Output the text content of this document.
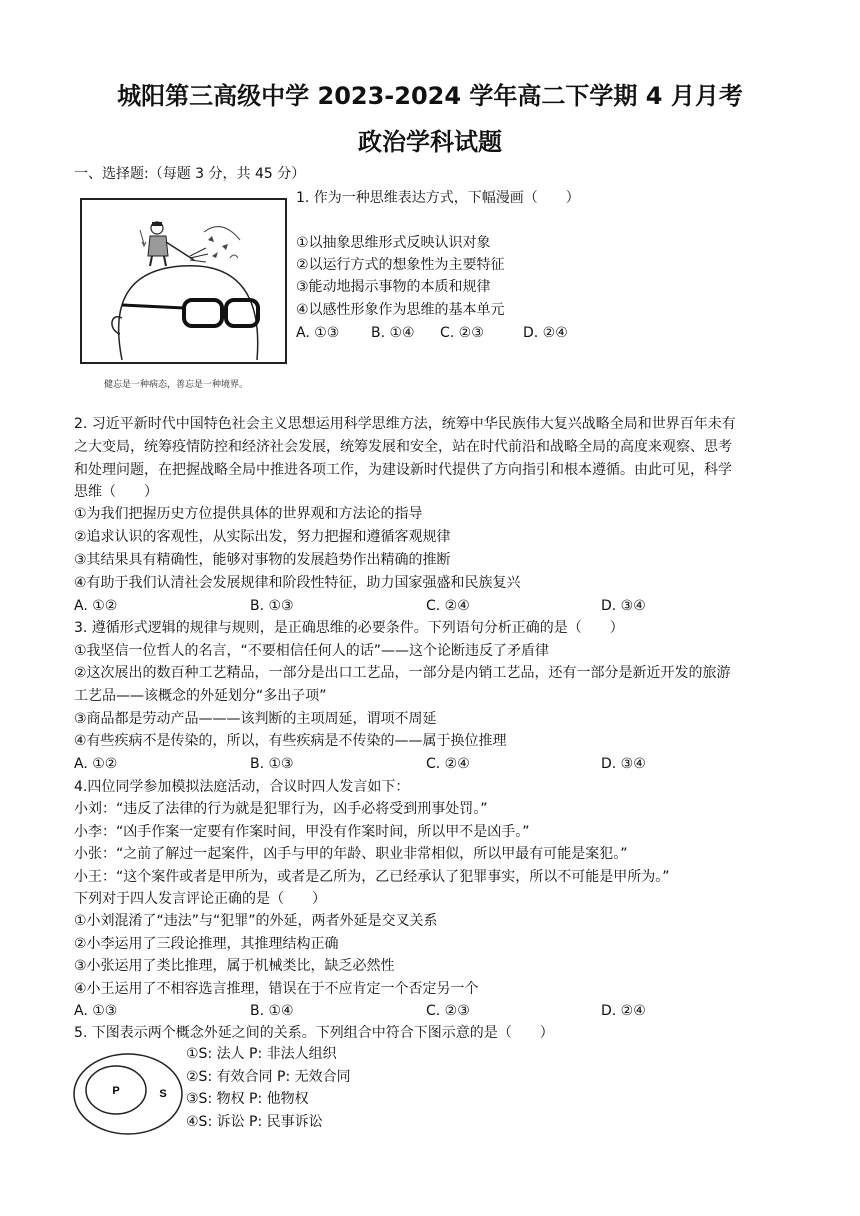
城阳第三高级中学 2023-2024 学年高二下学期 4 月月考
政治学科试题
一、选择题:（每题 3 分，共 45 分）
健忘是一种病态，善忘是一种境界。
1. 作为一种思维表达方式，下幅漫画（　　）
①以抽象思维形式反映认识对象
②以运行方式的想象性为主要特征
③能动地揭示事物的本质和规律
④以感性形象作为思维的基本单元
A. ①③ B. ①④ C. ②③	D. ②④
2. 习近平新时代中国特色社会主义思想运用科学思维方法，统筹中华民族伟大复兴战略全局和世界百年未有
之大变局，统筹疫情防控和经济社会发展，统筹发展和安全，站在时代前沿和战略全局的高度来观察、思考
和处理问题，在把握战略全局中推进各项工作，为建设新时代提供了方向指引和根本遵循。由此可见，科学
思维（　　）
①为我们把握历史方位提供具体的世界观和方法论的指导
②追求认识的客观性，从实际出发，努力把握和遵循客观规律
③其结果具有精确性，能够对事物的发展趋势作出精确的推断
④有助于我们认清社会发展规律和阶段性特征，助力国家强盛和民族复兴
A. ①②	B. ①③	C. ②④	D. ③④
3. 遵循形式逻辑的规律与规则，是正确思维的必要条件。下列语句分析正确的是（　　）
①我坚信一位哲人的名言，“不要相信任何人的话”——这个论断违反了矛盾律
②这次展出的数百种工艺精品，一部分是出口工艺品，一部分是内销工艺品，还有一部分是新近开发的旅游
工艺品——该概念的外延划分“多出子项”
③商品都是劳动产品———该判断的主项周延，谓项不周延
④有些疾病不是传染的，所以，有些疾病是不传染的——属于换位推理
A. ①②	B. ①③	C. ②④	D. ③④
4.四位同学参加模拟法庭活动，合议时四人发言如下：
小刘：“违反了法律的行为就是犯罪行为，凶手必将受到刑事处罚。”
小李：“凶手作案一定要有作案时间，甲没有作案时间，所以甲不是凶手。”
小张：“之前了解过一起案件，凶手与甲的年龄、职业非常相似，所以甲最有可能是案犯。”
小王：“这个案件或者是甲所为，或者是乙所为，乙已经承认了犯罪事实，所以不可能是甲所为。”
下列对于四人发言评论正确的是（　　）
①小刘混淆了“违法”与“犯罪”的外延，两者外延是交叉关系
②小李运用了三段论推理，其推理结构正确
③小张运用了类比推理，属于机械类比，缺乏必然性
④小王运用了不相容选言推理，错误在于不应肯定一个否定另一个
A. ①③	B. ①④	C. ②③	D. ②④
5. 下图表示两个概念外延之间的关系。下列组合中符合下图示意的是（　　）
P	S
①S: 法人 P: 非法人组织
②S: 有效合同 P: 无效合同
③S: 物权 P: 他物权
④S: 诉讼 P: 民事诉讼
